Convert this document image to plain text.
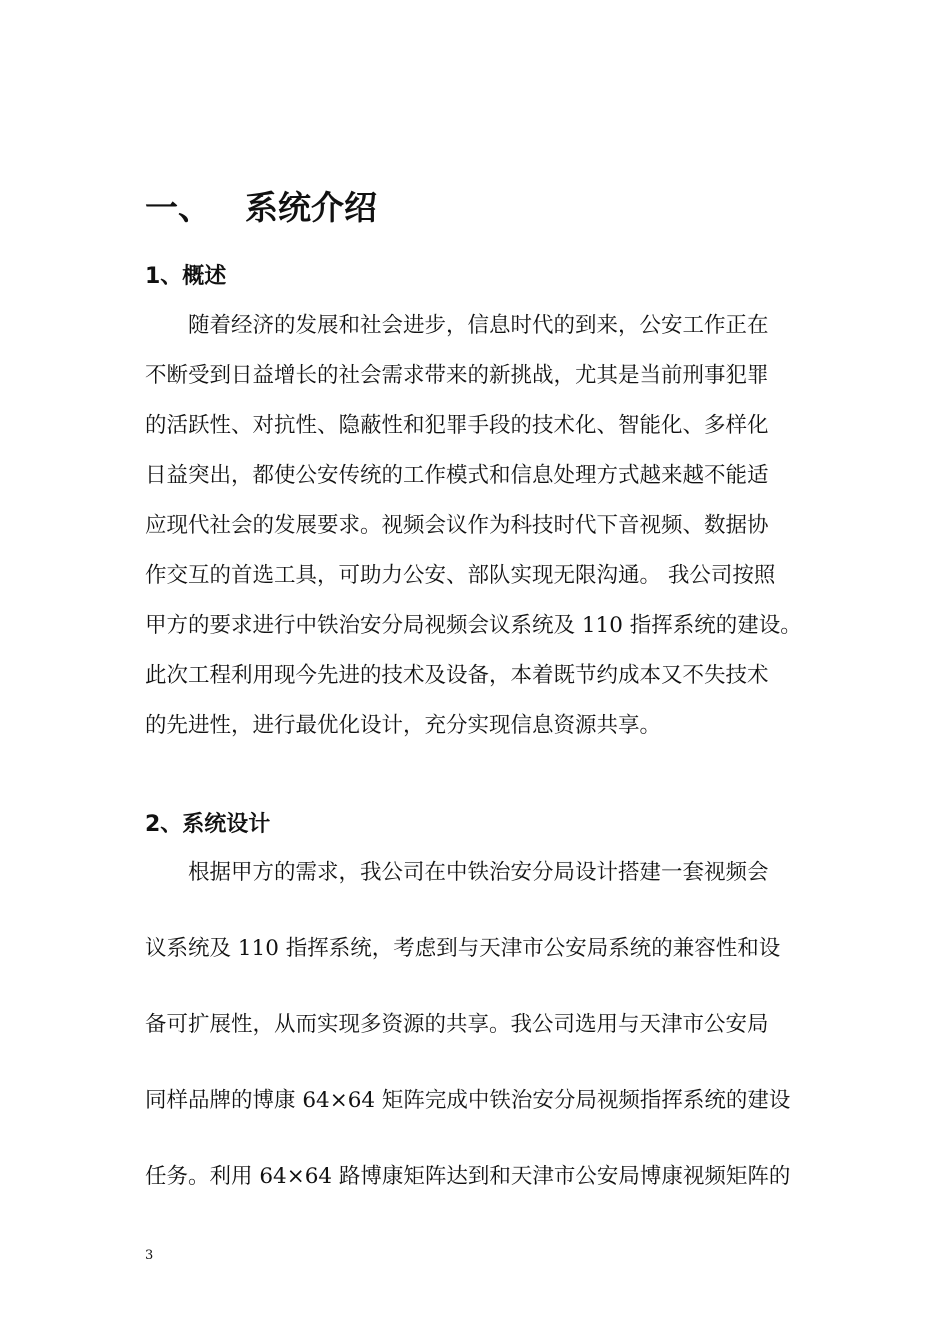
一、	系统介绍
1、概述
随着经济的发展和社会进步，信息时代的到来，公安工作正在
不断受到日益增长的社会需求带来的新挑战，尤其是当前刑事犯罪
的活跃性、对抗性、隐蔽性和犯罪手段的技术化、智能化、多样化
日益突出，都使公安传统的工作模式和信息处理方式越来越不能适
应现代社会的发展要求。视频会议作为科技时代下音视频、数据协
作交互的首选工具，可助力公安、部队实现无限沟通。 我公司按照
甲方的要求进行中铁治安分局视频会议系统及 110 指挥系统的建设。
此次工程利用现今先进的技术及设备，本着既节约成本又不失技术
的先进性，进行最优化设计，充分实现信息资源共享。
2、系统设计
根据甲方的需求，我公司在中铁治安分局设计搭建一套视频会
议系统及 110 指挥系统，考虑到与天津市公安局系统的兼容性和设
备可扩展性，从而实现多资源的共享。我公司选用与天津市公安局
同样品牌的博康 64×64 矩阵完成中铁治安分局视频指挥系统的建设
任务。利用 64×64 路博康矩阵达到和天津市公安局博康视频矩阵的
3
